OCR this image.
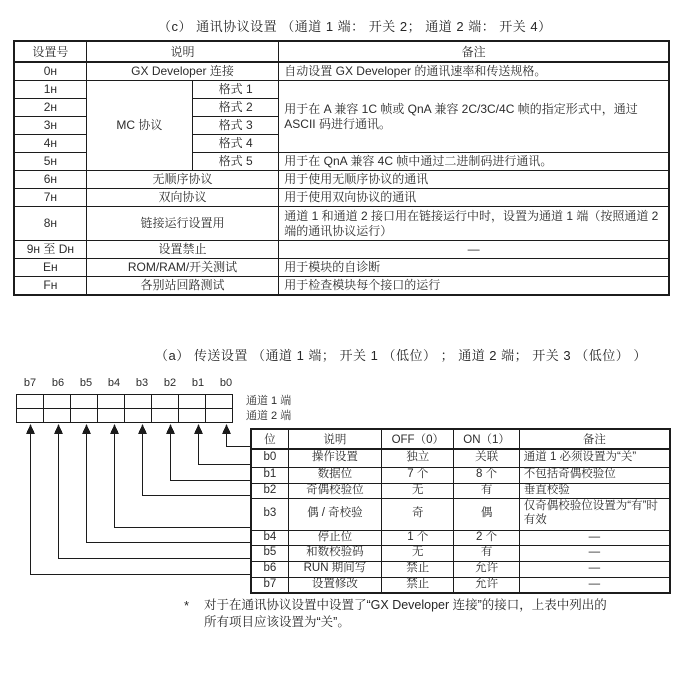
（c） 通讯协议设置 （通道 1 端： 开关 2； 通道 2 端： 开关 4）
设置号	说明		备注
0ʜ	GX Developer 连接		自动设置 GX Developer 的通讯速率和传送规格。
1ʜ	MC 协议	格式 1	用于在 A 兼容 1C 帧或 QnA 兼容 2C/3C/4C 帧的指定形式中，通过 ASCII 码进行通讯。
2ʜ		格式 2	
3ʜ		格式 3	
4ʜ		格式 4	
5ʜ		格式 5	用于在 QnA 兼容 4C 帧中通过二进制码进行通讯。
6ʜ	无顺序协议		用于使用无顺序协议的通讯
7ʜ	双向协议		用于使用双向协议的通讯
8ʜ	链接运行设置用		通道 1 和通道 2 接口用在链接运行中时，设置为通道 1 端（按照通道 2 端的通讯协议运行）
9ʜ 至 Dʜ	设置禁止		—
Eʜ	ROM/RAM/开关测试		用于模块的自诊断
Fʜ	各别站回路测试		用于检查模块每个接口的运行
（a） 传送设置 （通道 1 端； 开关 1 （低位） ； 通道 2 端； 开关 3 （低位） ）
b7	b6	b5	b4	b3	b2	b1	b0

通道 1 端
通道 2 端
位	说明	OFF（0）	ON（1）	备注
b0	操作设置	独立	关联	通道 1 必须设置为“关”
b1	数据位	7 个	8 个	不包括奇偶校验位
b2	奇偶校验位	无	有	垂直校验
b3	偶 / 奇校验	奇	偶	仅奇偶校验位设置为“有”时有效
b4	停止位	1 个	2 个	—
b5	和数校验码	无	有	—
b6	RUN 期间写	禁止	允许	—
b7	设置修改	禁止	允许	—
*	对于在通讯协议设置中设置了“GX Developer 连接”的接口，上表中列出的
所有项目应该设置为“关”。
